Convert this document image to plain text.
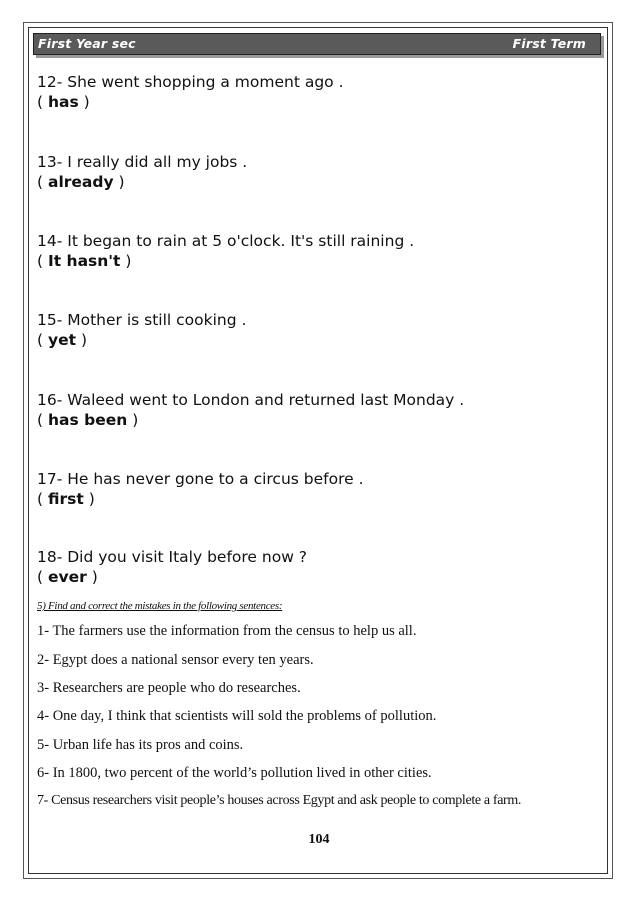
First Year sec	First Term
12- She went shopping a moment ago .
( has )
13- I really did all my jobs .
( already )
14- It began to rain at 5 o'clock. It's still raining .
( It hasn't )
15- Mother is still cooking .
( yet )
16- Waleed went to London and returned last Monday .
( has been )
17- He has never gone to a circus before .
( first )
18- Did you visit Italy before now ?
( ever )
5) Find and correct the mistakes in the following sentences:
1- The farmers use the information from the census to help us all.
2- Egypt does a national sensor every ten years.
3- Researchers are people who do researches.
4- One day, I think that scientists will sold the problems of pollution.
5- Urban life has its pros and coins.
6- In 1800, two percent of the world’s pollution lived in other cities.
7- Census researchers visit people’s houses across Egypt and ask people to complete a farm.
104
